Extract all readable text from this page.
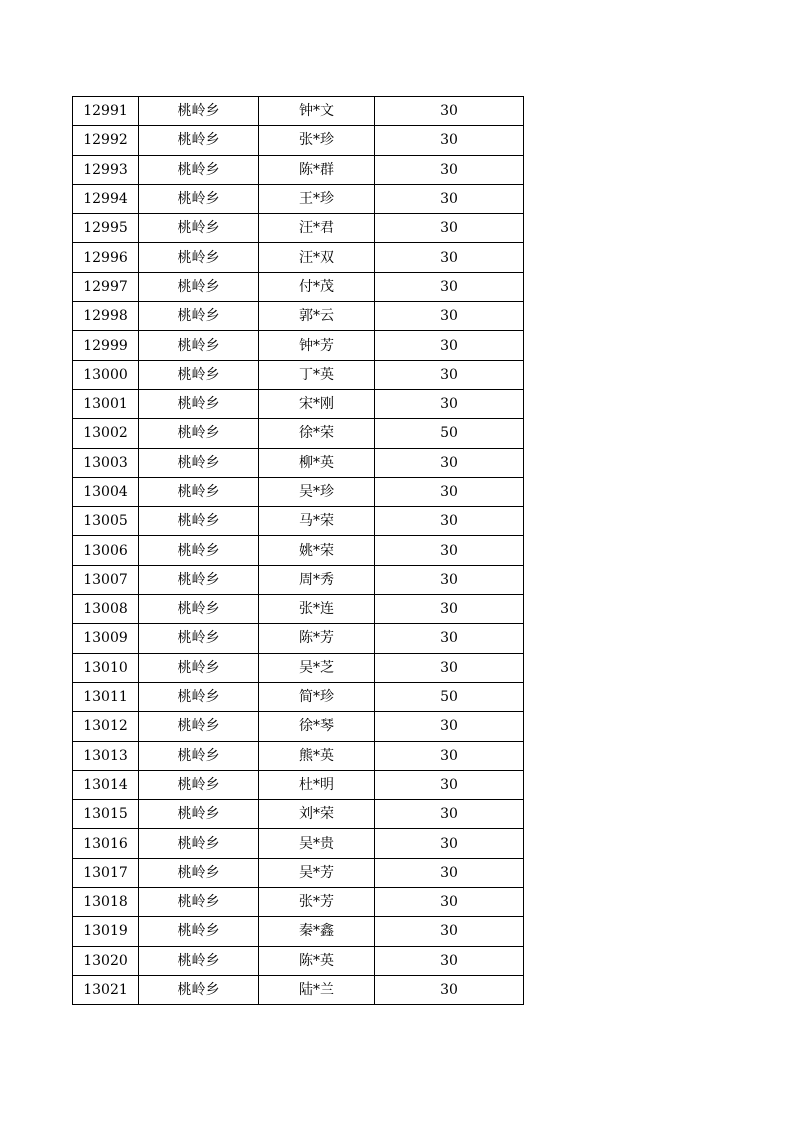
12991	桃岭乡	钟*文	30
12992	桃岭乡	张*珍	30
12993	桃岭乡	陈*群	30
12994	桃岭乡	王*珍	30
12995	桃岭乡	汪*君	30
12996	桃岭乡	汪*双	30
12997	桃岭乡	付*茂	30
12998	桃岭乡	郭*云	30
12999	桃岭乡	钟*芳	30
13000	桃岭乡	丁*英	30
13001	桃岭乡	宋*刚	30
13002	桃岭乡	徐*荣	50
13003	桃岭乡	柳*英	30
13004	桃岭乡	吴*珍	30
13005	桃岭乡	马*荣	30
13006	桃岭乡	姚*荣	30
13007	桃岭乡	周*秀	30
13008	桃岭乡	张*连	30
13009	桃岭乡	陈*芳	30
13010	桃岭乡	吴*芝	30
13011	桃岭乡	简*珍	50
13012	桃岭乡	徐*琴	30
13013	桃岭乡	熊*英	30
13014	桃岭乡	杜*明	30
13015	桃岭乡	刘*荣	30
13016	桃岭乡	吴*贵	30
13017	桃岭乡	吴*芳	30
13018	桃岭乡	张*芳	30
13019	桃岭乡	秦*鑫	30
13020	桃岭乡	陈*英	30
13021	桃岭乡	陆*兰	30
